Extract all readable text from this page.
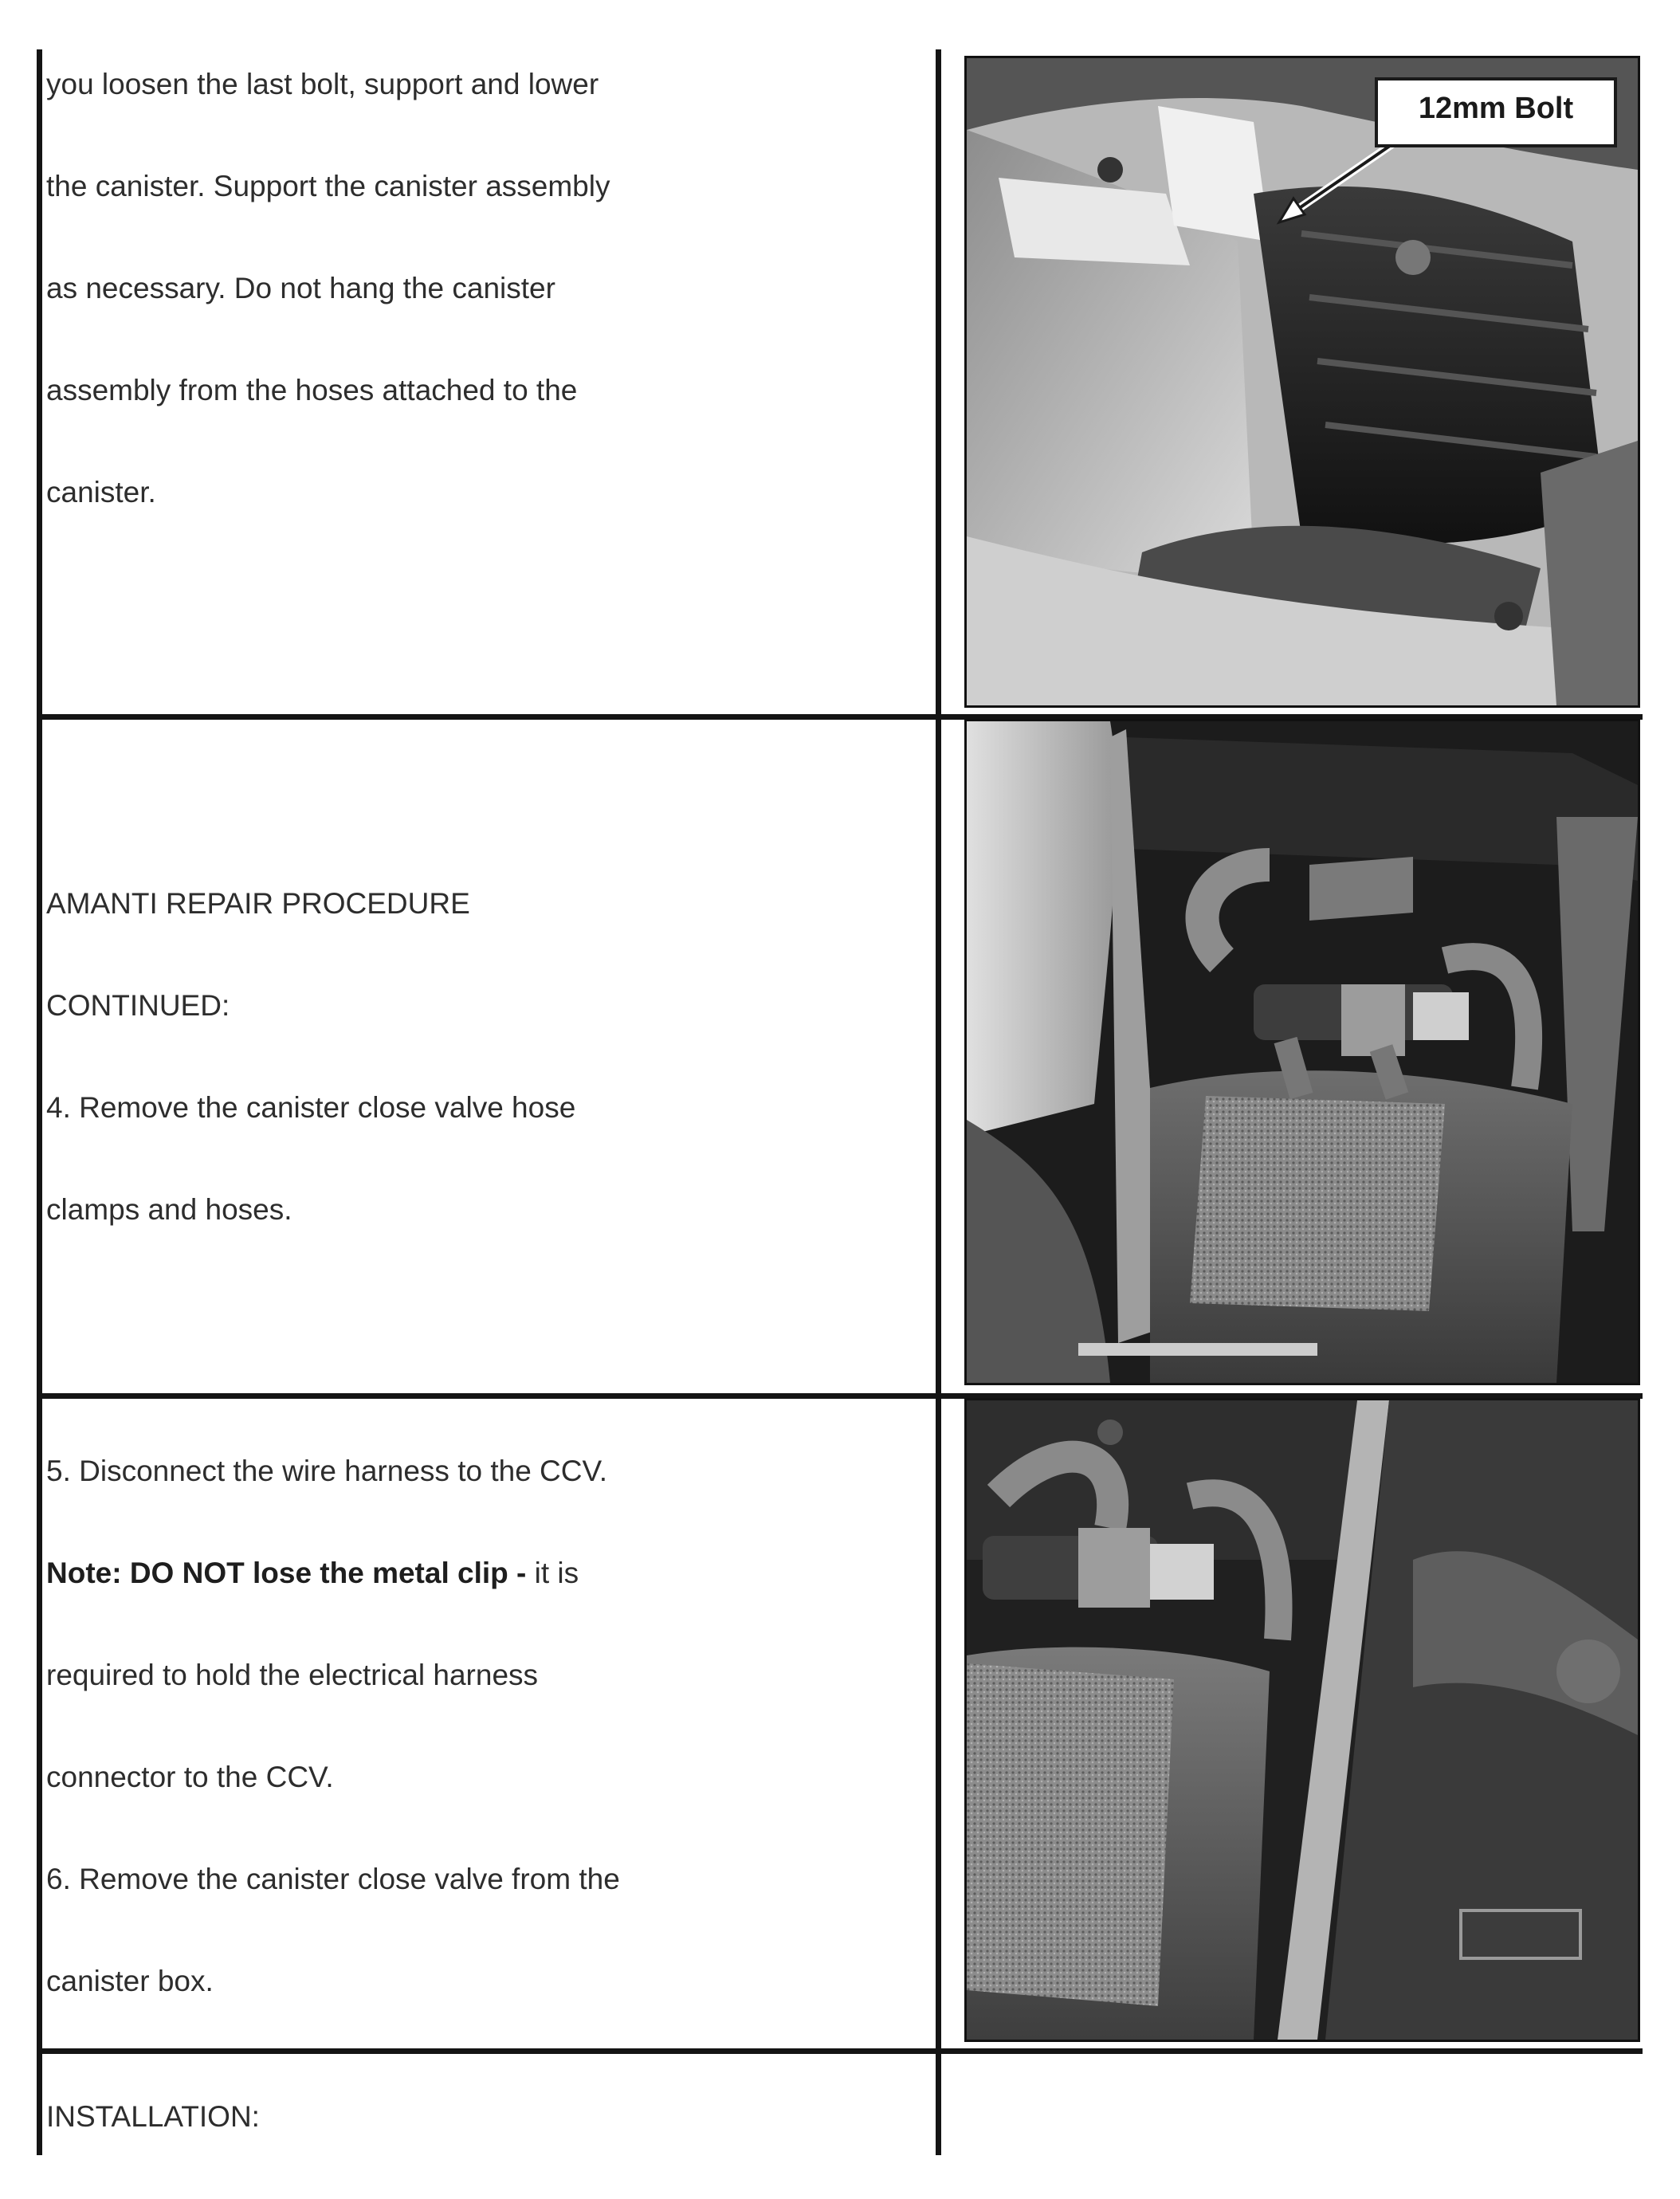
you loosen the last bolt, support and lower
the canister. Support the canister assembly
as necessary. Do not hang the canister
assembly from the hoses attached to the
canister.
12mm Bolt
AMANTI REPAIR PROCEDURE
CONTINUED:
4. Remove the canister close valve hose
clamps and hoses.
5. Disconnect the wire harness to the CCV.
Note: DO NOT lose the metal clip - it is
required to hold the electrical harness
connector to the CCV.
6. Remove the canister close valve from the
canister box.
INSTALLATION:
